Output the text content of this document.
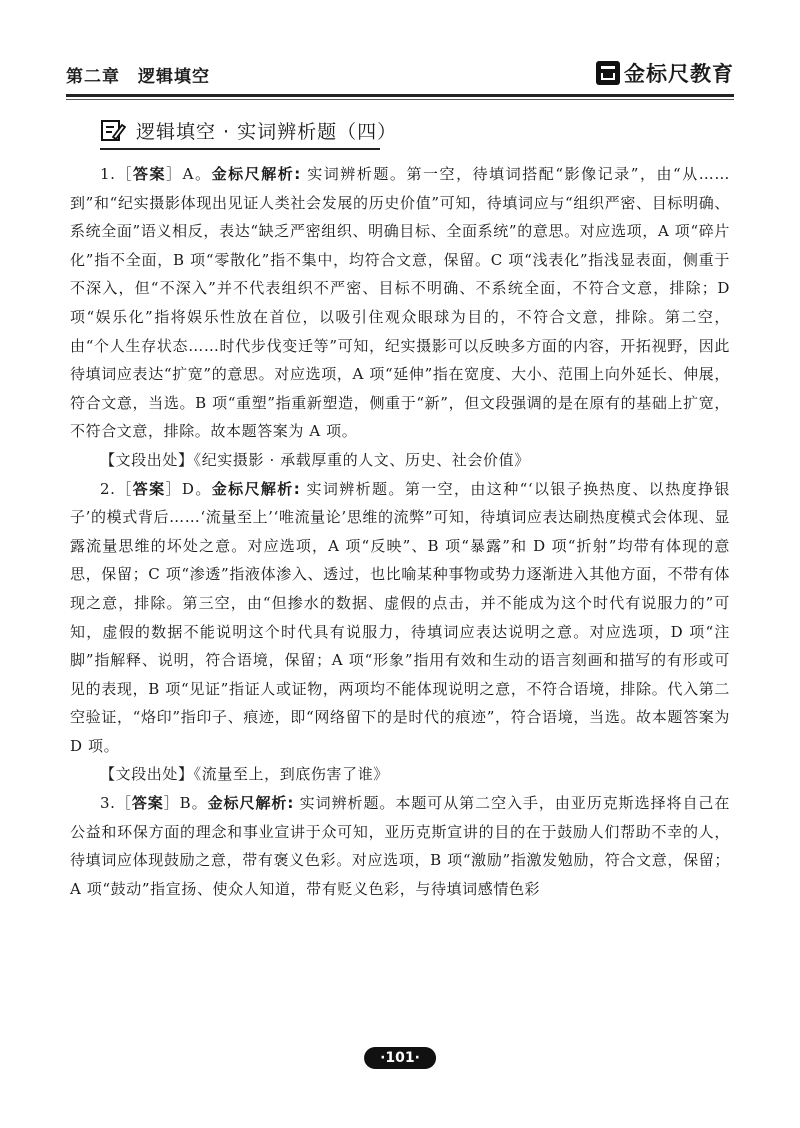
第二章　逻辑填空	金标尺教育
逻辑填空 · 实词辨析题（四）

1.［答案］A。金标尺解析: 实词辨析题。第一空，待填词搭配“影像记录”，由“从……到”和“纪实摄影体现出见证人类社会发展的历史价值”可知，待填词应与“组织严密、目标明确、系统全面”语义相反，表达“缺乏严密组织、明确目标、全面系统”的意思。对应选项，A 项“碎片化”指不全面，B 项“零散化”指不集中，均符合文意，保留。C 项“浅表化”指浅显表面，侧重于不深入，但“不深入”并不代表组织不严密、目标不明确、不系统全面，不符合文意，排除；D 项“娱乐化”指将娱乐性放在首位，以吸引住观众眼球为目的，不符合文意，排除。第二空，由“个人生存状态……时代步伐变迁等”可知，纪实摄影可以反映多方面的内容，开拓视野，因此待填词应表达“扩宽”的意思。对应选项，A 项“延伸”指在宽度、大小、范围上向外延长、伸展，符合文意，当选。B 项“重塑”指重新塑造，侧重于“新”，但文段强调的是在原有的基础上扩宽，不符合文意，排除。故本题答案为 A 项。

【文段出处】《纪实摄影 · 承载厚重的人文、历史、社会价值》

2.［答案］D。金标尺解析: 实词辨析题。第一空，由这种“‘以银子换热度、以热度挣银子’的模式背后……‘流量至上’‘唯流量论’思维的流弊”可知，待填词应表达刷热度模式会体现、显露流量思维的坏处之意。对应选项，A 项“反映”、B 项“暴露”和 D 项“折射”均带有体现的意思，保留；C 项“渗透”指液体渗入、透过，也比喻某种事物或势力逐渐进入其他方面，不带有体现之意，排除。第三空，由“但掺水的数据、虚假的点击，并不能成为这个时代有说服力的”可知，虚假的数据不能说明这个时代具有说服力，待填词应表达说明之意。对应选项，D 项“注脚”指解释、说明，符合语境，保留；A 项“形象”指用有效和生动的语言刻画和描写的有形或可见的表现，B 项“见证”指证人或证物，两项均不能体现说明之意，不符合语境，排除。代入第二空验证，“烙印”指印子、痕迹，即“网络留下的是时代的痕迹”，符合语境，当选。故本题答案为 D 项。

【文段出处】《流量至上，到底伤害了谁》

3.［答案］B。金标尺解析: 实词辨析题。本题可从第二空入手，由亚历克斯选择将自己在公益和环保方面的理念和事业宣讲于众可知，亚历克斯宣讲的目的在于鼓励人们帮助不幸的人，待填词应体现鼓励之意，带有褒义色彩。对应选项，B 项“激励”指激发勉励，符合文意，保留；A 项“鼓动”指宣扬、使众人知道，带有贬义色彩，与待填词感情色彩

·101·
